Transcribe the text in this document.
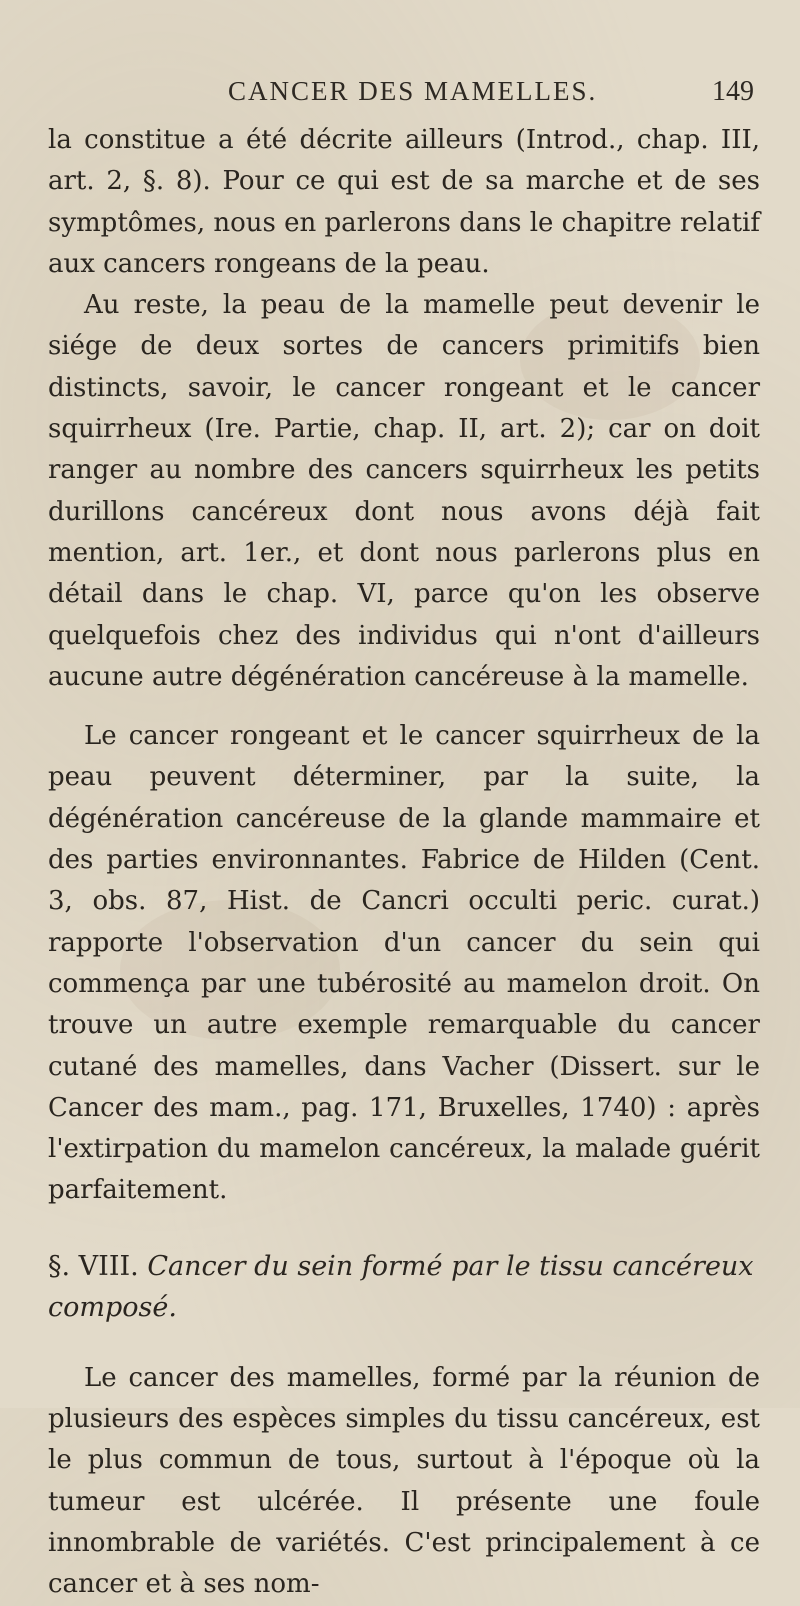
CANCER DES MAMELLES.	149

la constitue a été décrite ailleurs (Introd., chap. III, art. 2, §. 8). Pour ce qui est de sa marche et de ses symptômes, nous en parlerons dans le chapitre relatif aux cancers rongeans de la peau.

Au reste, la peau de la mamelle peut devenir le siége de deux sortes de cancers primitifs bien distincts, savoir, le cancer rongeant et le cancer squirrheux (Ire. Partie, chap. II, art. 2); car on doit ranger au nombre des cancers squirrheux les petits durillons cancéreux dont nous avons déjà fait mention, art. 1er., et dont nous parlerons plus en détail dans le chap. VI, parce qu'on les observe quelquefois chez des individus qui n'ont d'ailleurs aucune autre dégénération cancéreuse à la mamelle.

Le cancer rongeant et le cancer squirrheux de la peau peuvent déterminer, par la suite, la dégénération cancéreuse de la glande mammaire et des parties environnantes. Fabrice de Hilden (Cent. 3, obs. 87, Hist. de Cancri occulti peric. curat.) rapporte l'observation d'un cancer du sein qui commença par une tubérosité au mamelon droit. On trouve un autre exemple remarquable du cancer cutané des mamelles, dans Vacher (Dissert. sur le Cancer des mam., pag. 171, Bruxelles, 1740) : après l'extirpation du mamelon cancéreux, la malade guérit parfaitement.

§. VIII. Cancer du sein formé par le tissu cancéreux

composé.

Le cancer des mamelles, formé par la réunion de plusieurs des espèces simples du tissu cancéreux, est le plus commun de tous, surtout à l'époque où la tumeur est ulcérée. Il présente une foule innombrable de variétés. C'est principalement à ce cancer et à ses nom-
